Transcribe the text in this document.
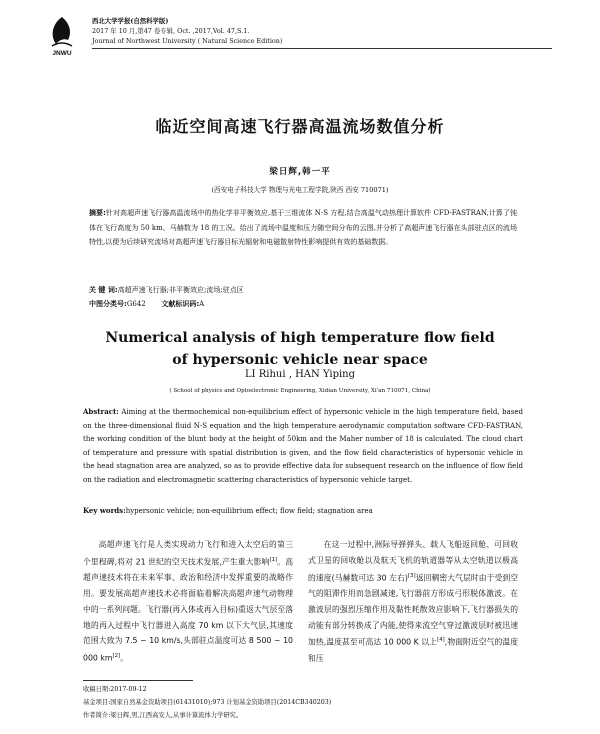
JNWU
西北大学学报(自然科学版)
2017 年 10 月,第47 卷专辑, Oct. ,2017,Vol. 47,S.1.
Journal of Northwest University ( Natural Science Edition)
临近空间高速飞行器高温流场数值分析
梁日辉,韩一平
(西安电子科技大学 物理与光电工程学院,陕西 西安 710071)
摘要:针对高超声速飞行器高温流场中的热化学非平衡效应,基于三维流体 N-S 方程,结合高温气动热理计算软件 CFD-FASTRAN,计算了钝体在飞行高度为 50 km、马赫数为 18 的工况。给出了流场中温度和压力随空间分布的云图,并分析了高超声速飞行器在头部驻点区的流场特性,以便为后续研究流场对高超声速飞行器目标光辐射和电磁散射特性影响提供有效的基础数据。
关 键 词:高超声速飞行器;非平衡效应;流场;驻点区
中图分类号:G642 文献标识码:A
Numerical analysis of high temperature flow field
of hypersonic vehicle near space
LI Rihui , HAN Yiping
( School of physics and Optoelectronic Engineering, Xidian University, Xi'an 710071, China)
Abstract: Aiming at the thermochemical non-equilibrium effect of hypersonic vehicle in the high temperature field, based on the three-dimensional fluid N-S equation and the high temperature aerodynamic computation software CFD-FASTRAN, the working condition of the blunt body at the height of 50km and the Maher number of 18 is calculated. The cloud chart of temperature and pressure with spatial distribution is given, and the flow field characteristics of hypersonic vehicle in the head stagnation area are analyzed, so as to provide effective data for subsequent research on the influence of flow field on the radiation and electromagnetic scattering characteristics of hypersonic vehicle target.
Key words:hypersonic vehicle; non-equilibrium effect; flow field; stagnation area
高超声速飞行是人类实现动力飞行和进入太空后的第三个里程碑,将对 21 世纪的空天技术发展,产生重大影响[1]。高超声速技术将在未来军事、政治和经济中发挥重要的战略作用。要发展高超声速技术必将面临着解决高超声速气动物理中的一系列问题。飞行器(再入体或再入目标)重返大气层至落地的再入过程中飞行器进入高度 70 km 以下大气层,其速度范围大致为 7.5 ~ 10 km/s,头部驻点温度可达 8 500 ~ 10 000 km[2]。
在这一过程中,洲际导弹弹头、载人飞船返回舱、可回收式卫星的回收舱以及航天飞机的轨道器等从太空轨道以极高的速度(马赫数可达 30 左右)[3]返回稠密大气层时由于受到空气的阻滞作用而急剧减速,飞行器前方形成弓形脱体激波。在激波层的强烈压缩作用及黏性耗散效应影响下,飞行器损失的动能有部分转换成了内能,使得来流空气穿过激波层时被迅速加热,温度甚至可高达 10 000 K 以上[4],物面附近空气的温度和压
收稿日期:2017-09-12
基金项目:国家自然基金资助项目(61431010);973 计划基金资助项目(2014CB340203)
作者简介:梁日辉,男,江西高安人,从事计算流体力学研究。
